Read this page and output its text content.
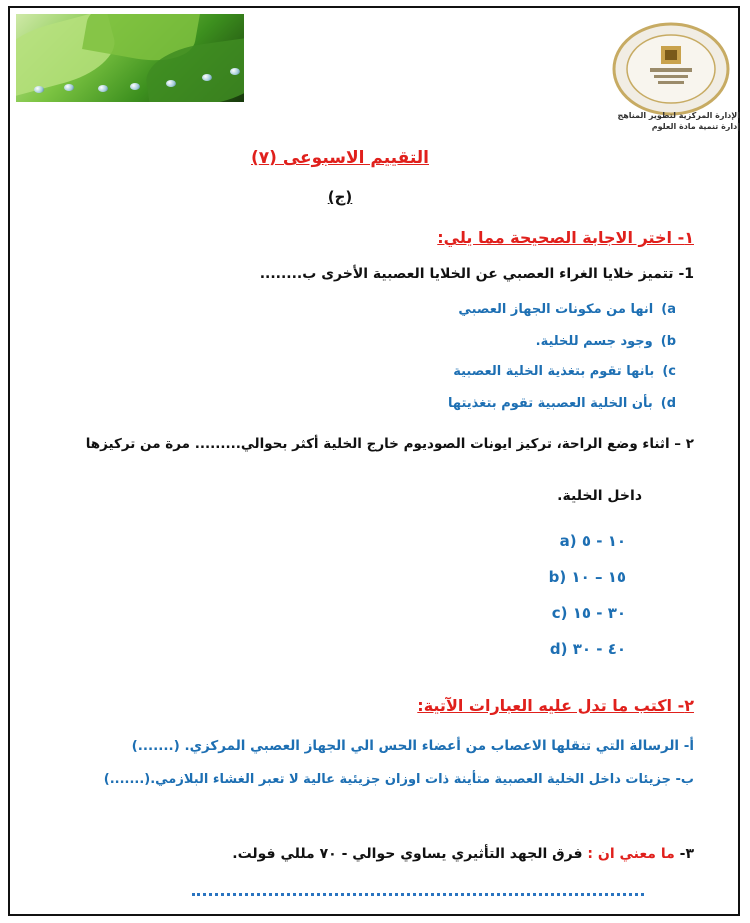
الإدارة المركزية لتطوير المناهج
إدارة تنمية مادة العلوم
التقييم الاسبوعى (٧)
(ج)
١- اختر الاجابة الصحيحة مما يلي:
1- تتميز خلايا الغراء العصبي عن الخلايا العصبية الأخرى ب........
a)انها من مكونات الجهاز العصبي
b)وجود جسم للخلية.
c)بانها تقوم بتغذية الخلية العصبية
d)بأن الخلية العصبية تقوم بتغذيتها
٢ – اثناء وضع الراحة، تركيز ايونات الصوديوم خارج الخلية أكثر بحوالي......... مرة من تركيزها
داخل الخلية.
١٠ - ٥ (a
١٥ – ١٠ (b
٣٠ - ١٥ (c
٤٠ - ٣٠ (d
٢- اكتب ما تدل عليه العبارات الآتية:
أ- الرسالة التي تنقلها الاعصاب من أعضاء الحس الي الجهاز العصبي المركزي. (.......)
ب- جزيئات داخل الخلية العصبية متأينة ذات اوزان جزيئية عالية لا تعبر الغشاء البلازمي.(.......)
٣- ما معني ان : فرق الجهد التأثيري يساوي حوالي - ٧٠ مللي فولت.
